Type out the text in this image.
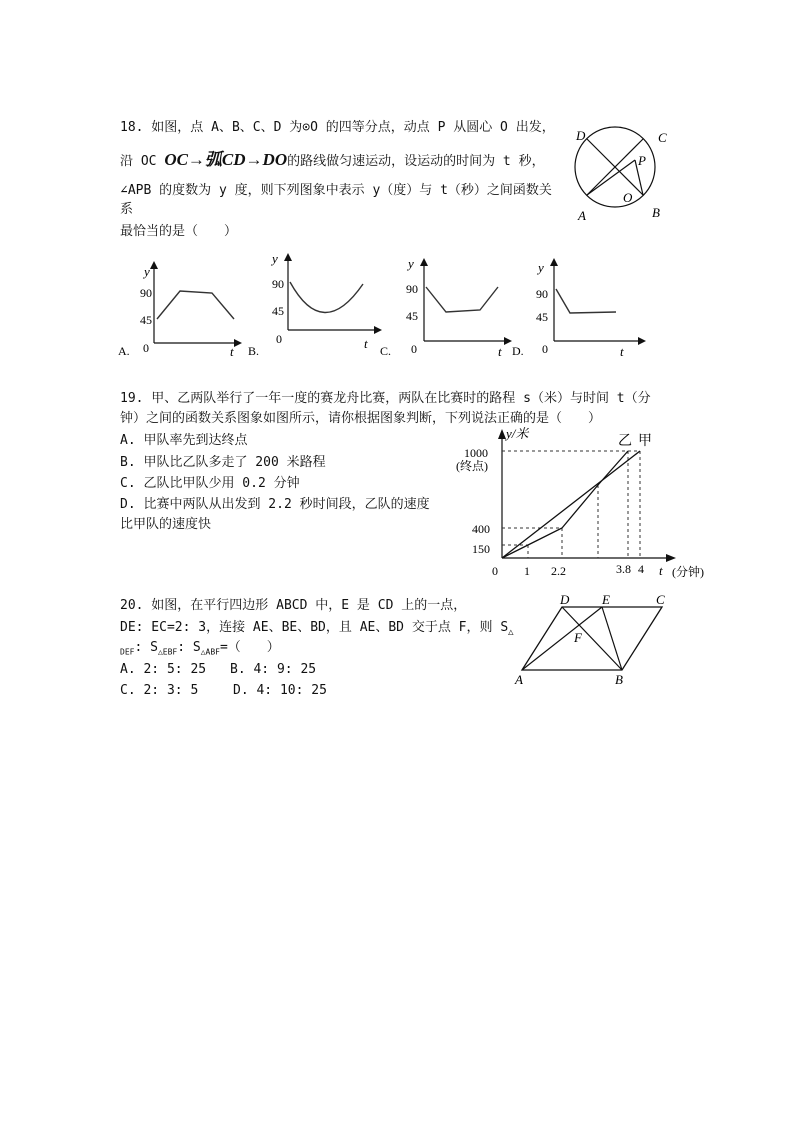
18. 如图，点 A、B、C、D 为⊙O 的四等分点，动点 P 从圆心 O 出发，
沿 OC OC→弧CD→DO的路线做匀速运动，设运动的时间为 t 秒，
∠APB 的度数为 y 度，则下列图象中表示 y（度）与 t（秒）之间函数关
系
最恰当的是（　　）
D	C
P
O
A	B
y
90
45
0	t
A.
y
90
45
0	t
B.
y
90
45
0	t
C.
y
90
45
0	t
D.
19. 甲、乙两队举行了一年一度的赛龙舟比赛，两队在比赛时的路程 s（米）与时间 t（分
钟）之间的函数关系图象如图所示，请你根据图象判断，下列说法正确的是（　　）
A. 甲队率先到达终点
B. 甲队比乙队多走了 200 米路程
C. 乙队比甲队少用 0.2 分钟
D. 比赛中两队从出发到 2.2 秒时间段，乙队的速度
比甲队的速度快
y/米
1000
(终点)
400
150
0 1 2.2	3.8 4 t (分钟)
乙 甲
20. 如图，在平行四边形 ABCD 中，E 是 CD 上的一点，
DE: EC=2: 3，连接 AE、BE、BD，且 AE、BD 交于点 F，则 $S_\triangle$
$_{DEF}$: $S_{\triangle EBF}$: $S_{\triangle ABF}=$（　　）
A. 2: 5: 25 B. 4: 9: 25
C. 2: 3: 5	D. 4: 10: 25
D	E	C
F
A	B
